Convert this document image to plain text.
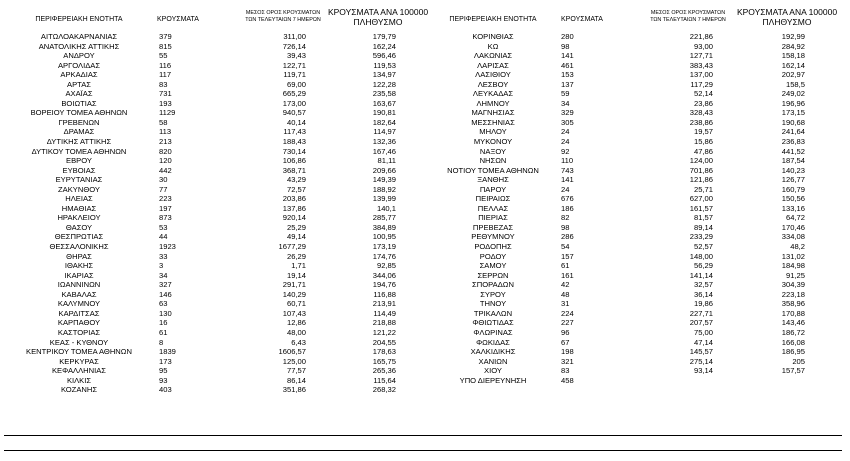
ΠΕΡΙΦΕΡΕΙΑΚΗ ΕΝΟΤΗΤΑ	ΚΡΟΥΣΜΑΤΑ
ΜΕΣΟΣ ΟΡΟΣ ΚΡΟΥΣΜΑΤΩΝ
ΤΩΝ ΤΕΛΕΥΤΑΙΩΝ 7 ΗΜΕΡΩΝ
ΚΡΟΥΣΜΑΤΑ ΑΝΑ 100000
ΠΛΗΘΥΣΜΟ
ΑΙΤΩΛΟΑΚΑΡΝΑΝΙΑΣ	379	311,00	179,79
ΑΝΑΤΟΛΙΚΗΣ ΑΤΤΙΚΗΣ	815	726,14	162,24
ΑΝΔΡΟΥ	55	39,43	596,46
ΑΡΓΟΛΙΔΑΣ	116	122,71	119,53
ΑΡΚΑΔΙΑΣ	117	119,71	134,97
ΑΡΤΑΣ	83	69,00	122,28
ΑΧΑΪΑΣ	731	665,29	235,58
ΒΟΙΩΤΙΑΣ	193	173,00	163,67
ΒΟΡΕΙΟΥ ΤΟΜΕΑ ΑΘΗΝΩΝ	1129	940,57	190,81
ΓΡΕΒΕΝΩΝ	58	40,14	182,64
ΔΡΑΜΑΣ	113	117,43	114,97
ΔΥΤΙΚΗΣ ΑΤΤΙΚΗΣ	213	188,43	132,36
ΔΥΤΙΚΟΥ ΤΟΜΕΑ ΑΘΗΝΩΝ	820	730,14	167,46
ΕΒΡΟΥ	120	106,86	81,11
ΕΥΒΟΙΑΣ	442	368,71	209,66
ΕΥΡΥΤΑΝΙΑΣ	30	43,29	149,39
ΖΑΚΥΝΘΟΥ	77	72,57	188,92
ΗΛΕΙΑΣ	223	203,86	139,99
ΗΜΑΘΙΑΣ	197	137,86	140,1
ΗΡΑΚΛΕΙΟΥ	873	920,14	285,77
ΘΑΣΟΥ	53	25,29	384,89
ΘΕΣΠΡΩΤΙΑΣ	44	49,14	100,95
ΘΕΣΣΑΛΟΝΙΚΗΣ	1923	1677,29	173,19
ΘΗΡΑΣ	33	26,29	174,76
ΙΘΑΚΗΣ	3	1,71	92,85
ΙΚΑΡΙΑΣ	34	19,14	344,06
ΙΩΑΝΝΙΝΩΝ	327	291,71	194,76
ΚΑΒΑΛΑΣ	146	140,29	116,88
ΚΑΛΥΜΝΟΥ	63	60,71	213,91
ΚΑΡΔΙΤΣΑΣ	130	107,43	114,49
ΚΑΡΠΑΘΟΥ	16	12,86	218,88
ΚΑΣΤΟΡΙΑΣ	61	48,00	121,22
ΚΕΑΣ - ΚΥΘΝΟΥ	8	6,43	204,55
ΚΕΝΤΡΙΚΟΥ ΤΟΜΕΑ ΑΘΗΝΩΝ	1839	1606,57	178,63
ΚΕΡΚΥΡΑΣ	173	125,00	165,75
ΚΕΦΑΛΛΗΝΙΑΣ	95	77,57	265,36
ΚΙΛΚΙΣ	93	86,14	115,64
ΚΟΖΑΝΗΣ	403	351,86	268,32
ΠΕΡΙΦΕΡΕΙΑΚΗ ΕΝΟΤΗΤΑ	ΚΡΟΥΣΜΑΤΑ
ΜΕΣΟΣ ΟΡΟΣ ΚΡΟΥΣΜΑΤΩΝ
ΤΩΝ ΤΕΛΕΥΤΑΙΩΝ 7 ΗΜΕΡΩΝ
ΚΡΟΥΣΜΑΤΑ ΑΝΑ 100000
ΠΛΗΘΥΣΜΟ
ΚΟΡΙΝΘΙΑΣ	280	221,86	192,99
ΚΩ	98	93,00	284,92
ΛΑΚΩΝΙΑΣ	141	127,71	158,18
ΛΑΡΙΣΑΣ	461	383,43	162,14
ΛΑΣΙΘΙΟΥ	153	137,00	202,97
ΛΕΣΒΟΥ	137	117,29	158,5
ΛΕΥΚΑΔΑΣ	59	52,14	249,02
ΛΗΜΝΟΥ	34	23,86	196,96
ΜΑΓΝΗΣΙΑΣ	329	328,43	173,15
ΜΕΣΣΗΝΙΑΣ	305	238,86	190,68
ΜΗΛΟΥ	24	19,57	241,64
ΜΥΚΟΝΟΥ	24	15,86	236,83
ΝΑΞΟΥ	92	47,86	441,52
ΝΗΣΩΝ	110	124,00	187,54
ΝΟΤΙΟΥ ΤΟΜΕΑ ΑΘΗΝΩΝ	743	701,86	140,23
ΞΑΝΘΗΣ	141	121,86	126,77
ΠΑΡΟΥ	24	25,71	160,79
ΠΕΙΡΑΙΩΣ	676	627,00	150,56
ΠΕΛΛΑΣ	186	161,57	133,16
ΠΙΕΡΙΑΣ	82	81,57	64,72
ΠΡΕΒΕΖΑΣ	98	89,14	170,46
ΡΕΘΥΜΝΟΥ	286	233,29	334,08
ΡΟΔΟΠΗΣ	54	52,57	48,2
ΡΟΔΟΥ	157	148,00	131,02
ΣΑΜΟΥ	61	56,29	184,98
ΣΕΡΡΩΝ	161	141,14	91,25
ΣΠΟΡΑΔΩΝ	42	32,57	304,39
ΣΥΡΟΥ	48	36,14	223,18
ΤΗΝΟΥ	31	19,86	358,96
ΤΡΙΚΑΛΩΝ	224	227,71	170,88
ΦΘΙΩΤΙΔΑΣ	227	207,57	143,46
ΦΛΩΡΙΝΑΣ	96	75,00	186,72
ΦΩΚΙΔΑΣ	67	47,14	166,08
ΧΑΛΚΙΔΙΚΗΣ	198	145,57	186,95
ΧΑΝΙΩΝ	321	275,14	205
ΧΙΟΥ	83	93,14	157,57
ΥΠΟ ΔΙΕΡΕΥΝΗΣΗ	458
